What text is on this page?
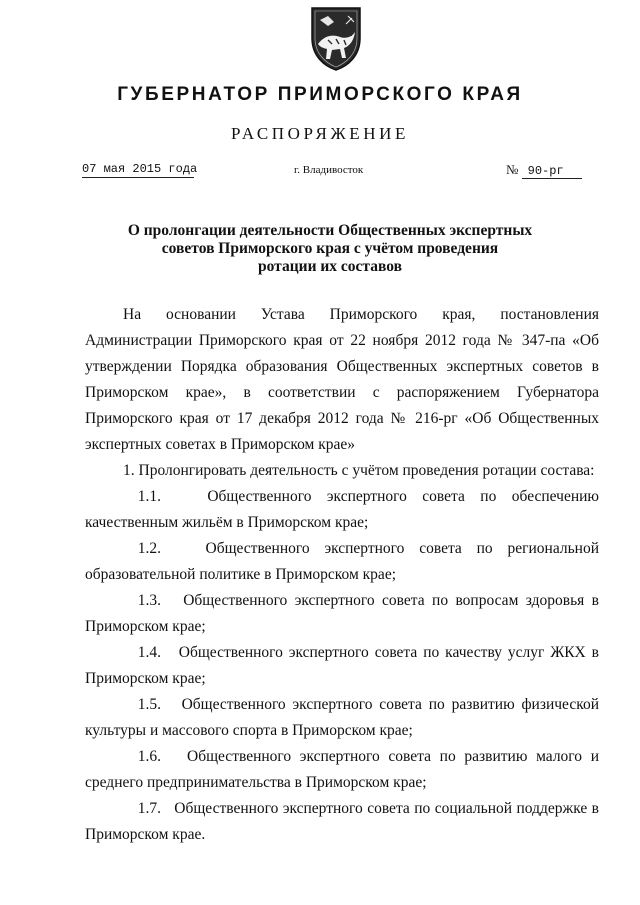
ГУБЕРНАТОР ПРИМОРСКОГО КРАЯ
РАСПОРЯЖЕНИЕ
07 мая 2015 года	г. Владивосток	№ 90-рг
О пролонгации деятельности Общественных экспертных
советов Приморского края с учётом проведения
ротации их составов

На основании Устава Приморского края, постановления Администрации Приморского края от 22 ноября 2012 года № 347-па «Об утверждении Порядка образования Общественных экспертных советов в Приморском крае», в соответствии с распоряжением Губернатора Приморского края от 17 декабря 2012 года № 216-рг «Об Общественных экспертных советах в Приморском крае»

1. Пролонгировать деятельность с учётом проведения ротации состава:

1.1.	Общественного экспертного совета по обеспечению качественным жильём в Приморском крае;

1.2.	Общественного экспертного совета по региональной образовательной политике в Приморском крае;

1.3. Общественного экспертного совета по вопросам здоровья в Приморском крае;

1.4. Общественного экспертного совета по качеству услуг ЖКХ в Приморском крае;

1.5. Общественного экспертного совета по развитию физической культуры и массового спорта в Приморском крае;

1.6. Общественного экспертного совета по развитию малого и среднего предпринимательства в Приморском крае;

1.7. Общественного экспертного совета по социальной поддержке в Приморском крае.
